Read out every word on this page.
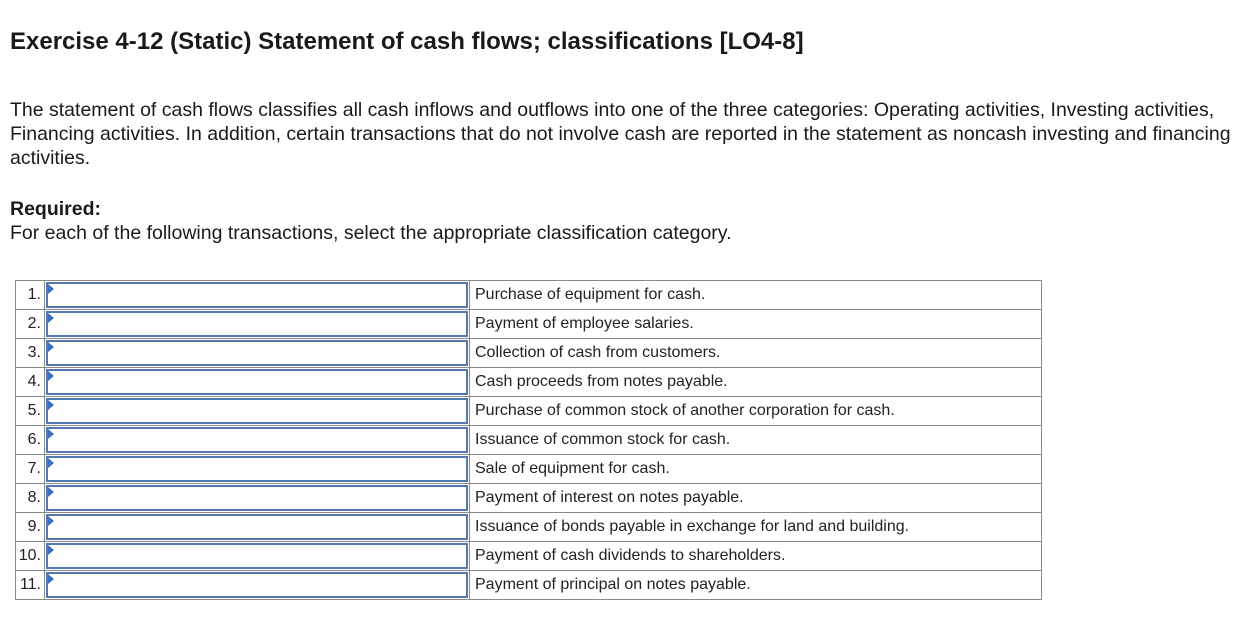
Exercise 4-12 (Static) Statement of cash flows; classifications [LO4-8]
The statement of cash flows classifies all cash inflows and outflows into one of the three categories: Operating activities, Investing activities, Financing activities. In addition, certain transactions that do not involve cash are reported in the statement as noncash investing and financing activities.
Required:
For each of the following transactions, select the appropriate classification category.
1.		Purchase of equipment for cash.
2.		Payment of employee salaries.
3.		Collection of cash from customers.
4.		Cash proceeds from notes payable.
5.		Purchase of common stock of another corporation for cash.
6.		Issuance of common stock for cash.
7.		Sale of equipment for cash.
8.		Payment of interest on notes payable.
9.		Issuance of bonds payable in exchange for land and building.
10.		Payment of cash dividends to shareholders.
11.		Payment of principal on notes payable.
